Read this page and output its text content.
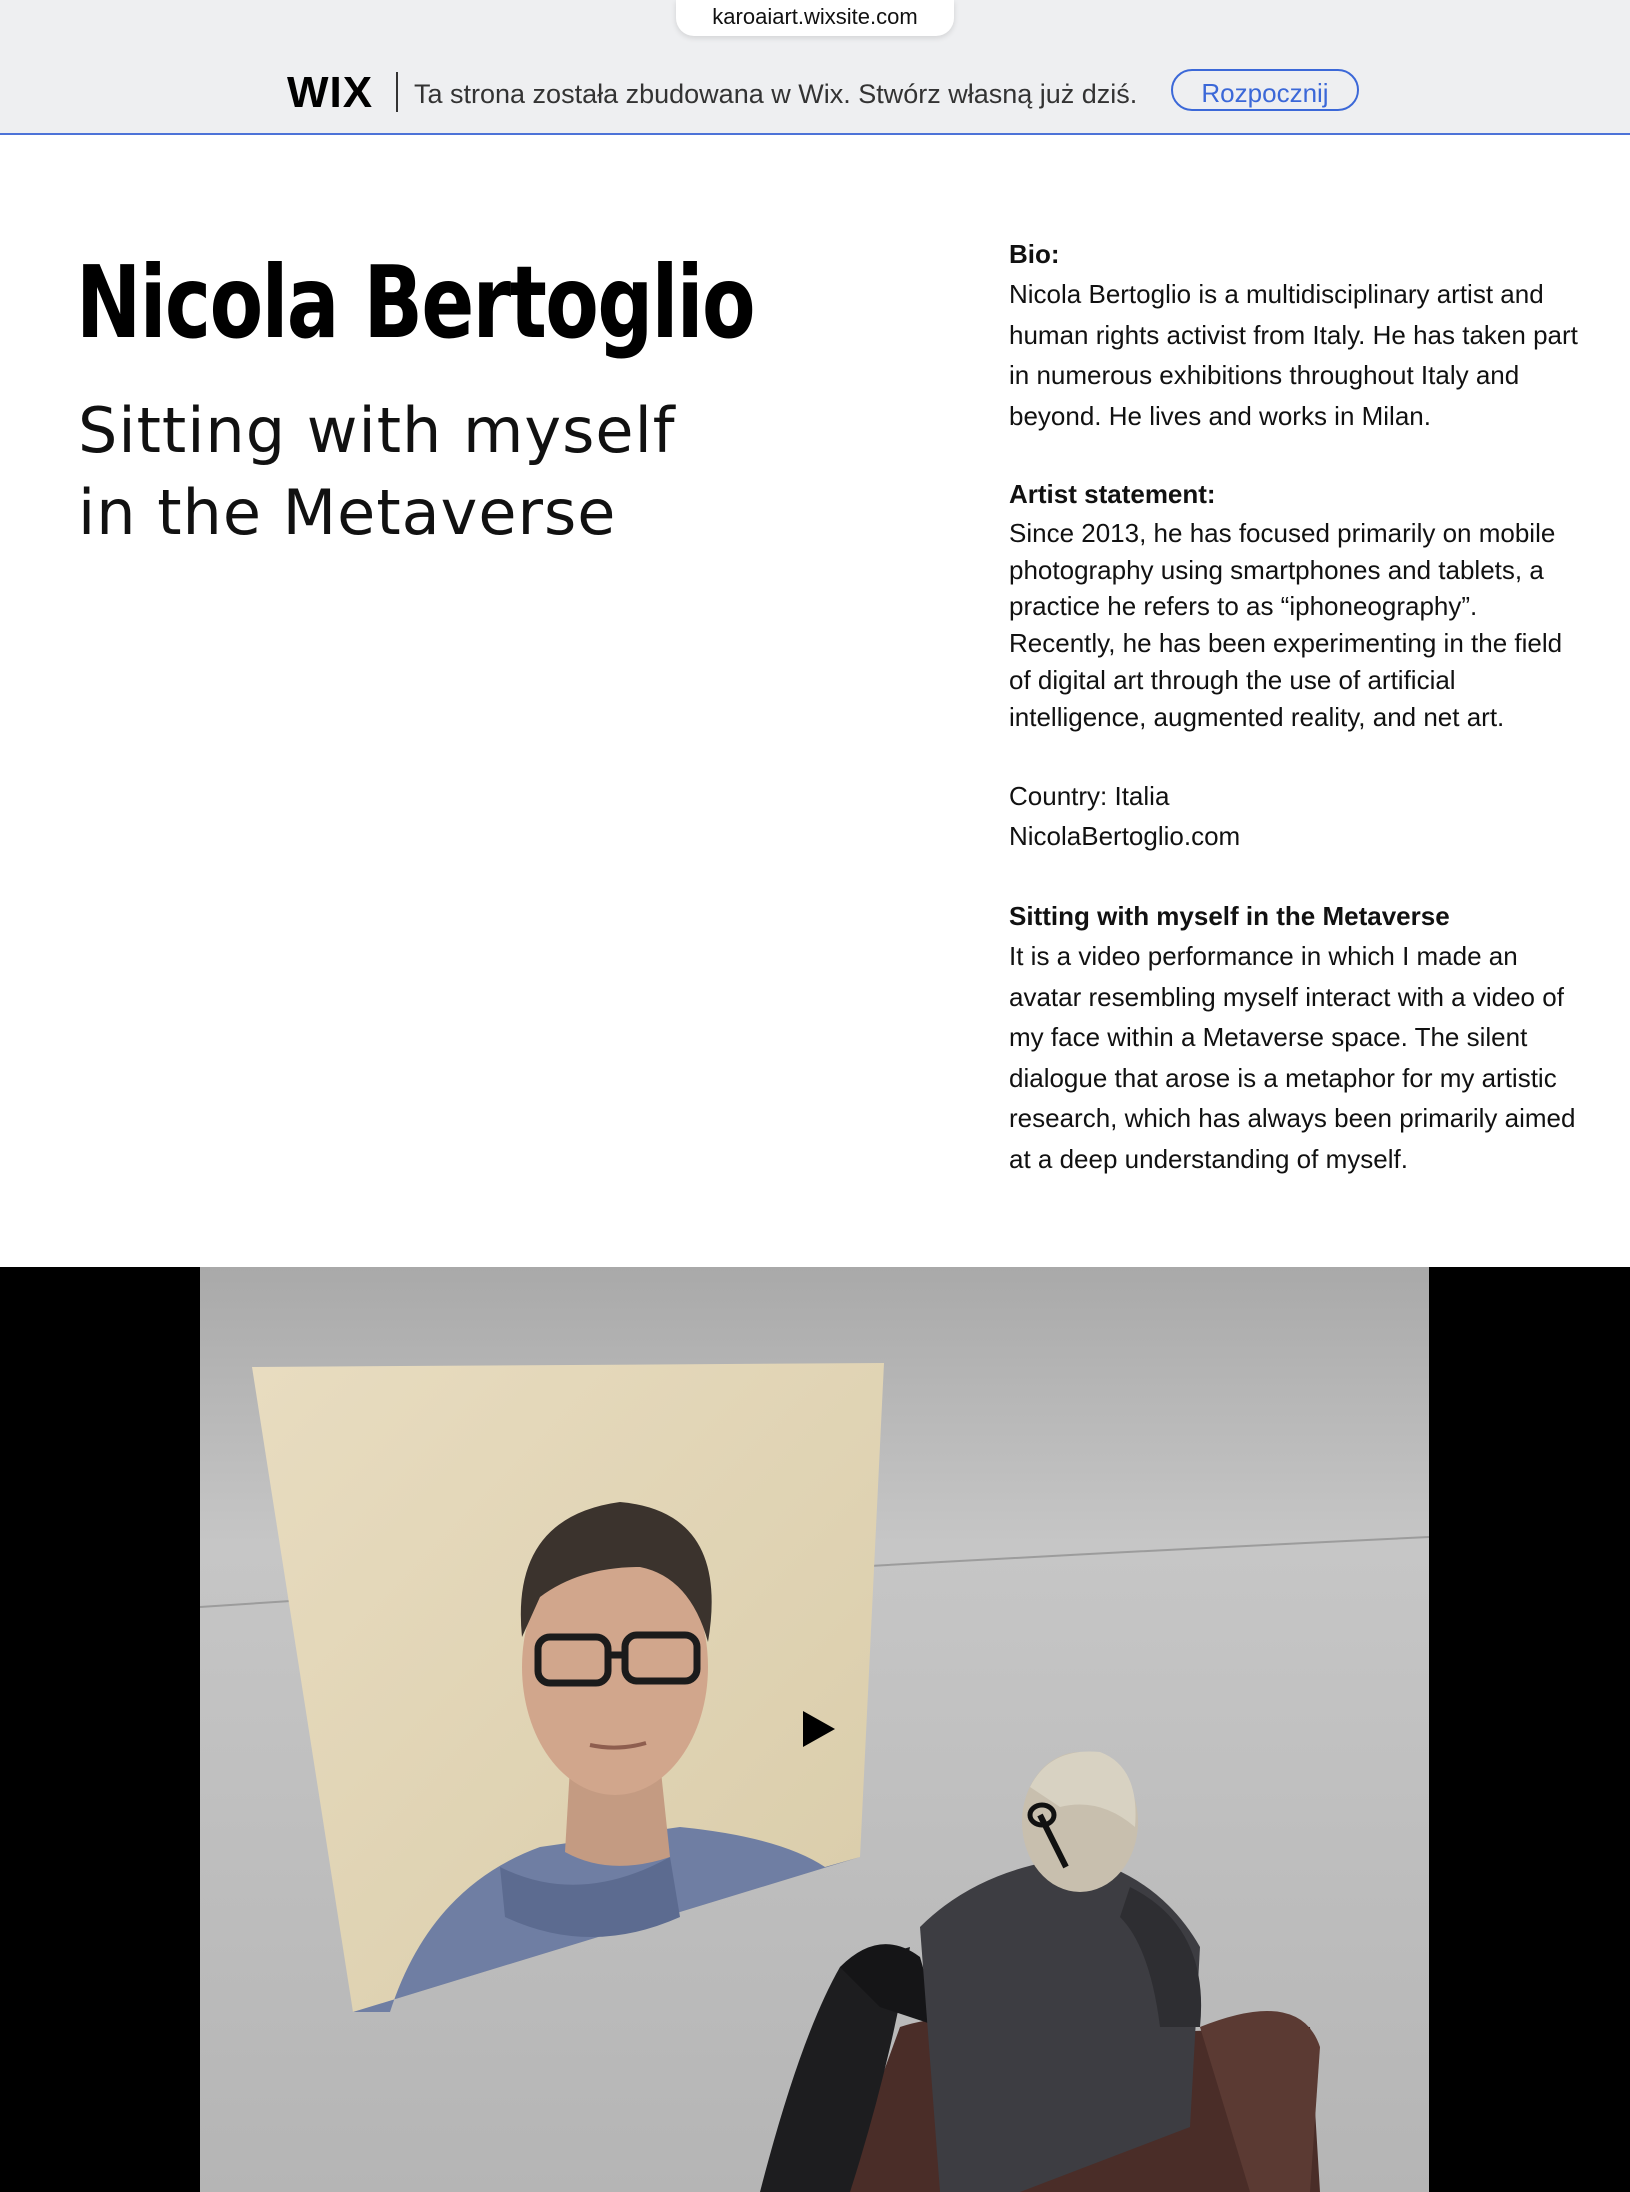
karoaiart.wixsite.com
WIX Ta strona została zbudowana w Wix. Stwórz własną już dziś.	Rozpocznij
Nicola Bertoglio
Sitting with myself
in the Metaverse
Bio:
Nicola Bertoglio is a multidisciplinary artist and
human rights activist from Italy. He has taken part
in numerous exhibitions throughout Italy and
beyond. He lives and works in Milan.
Artist statement:
Since 2013, he has focused primarily on mobile
photography using smartphones and tablets, a
practice he refers to as “iphoneography”.
Recently, he has been experimenting in the field
of digital art through the use of artificial
intelligence, augmented reality, and net art.
Country: Italia
NicolaBertoglio.com
Sitting with myself in the Metaverse
It is a video performance in which I made an
avatar resembling myself interact with a video of
my face within a Metaverse space. The silent
dialogue that arose is a metaphor for my artistic
research, which has always been primarily aimed
at a deep understanding of myself.
